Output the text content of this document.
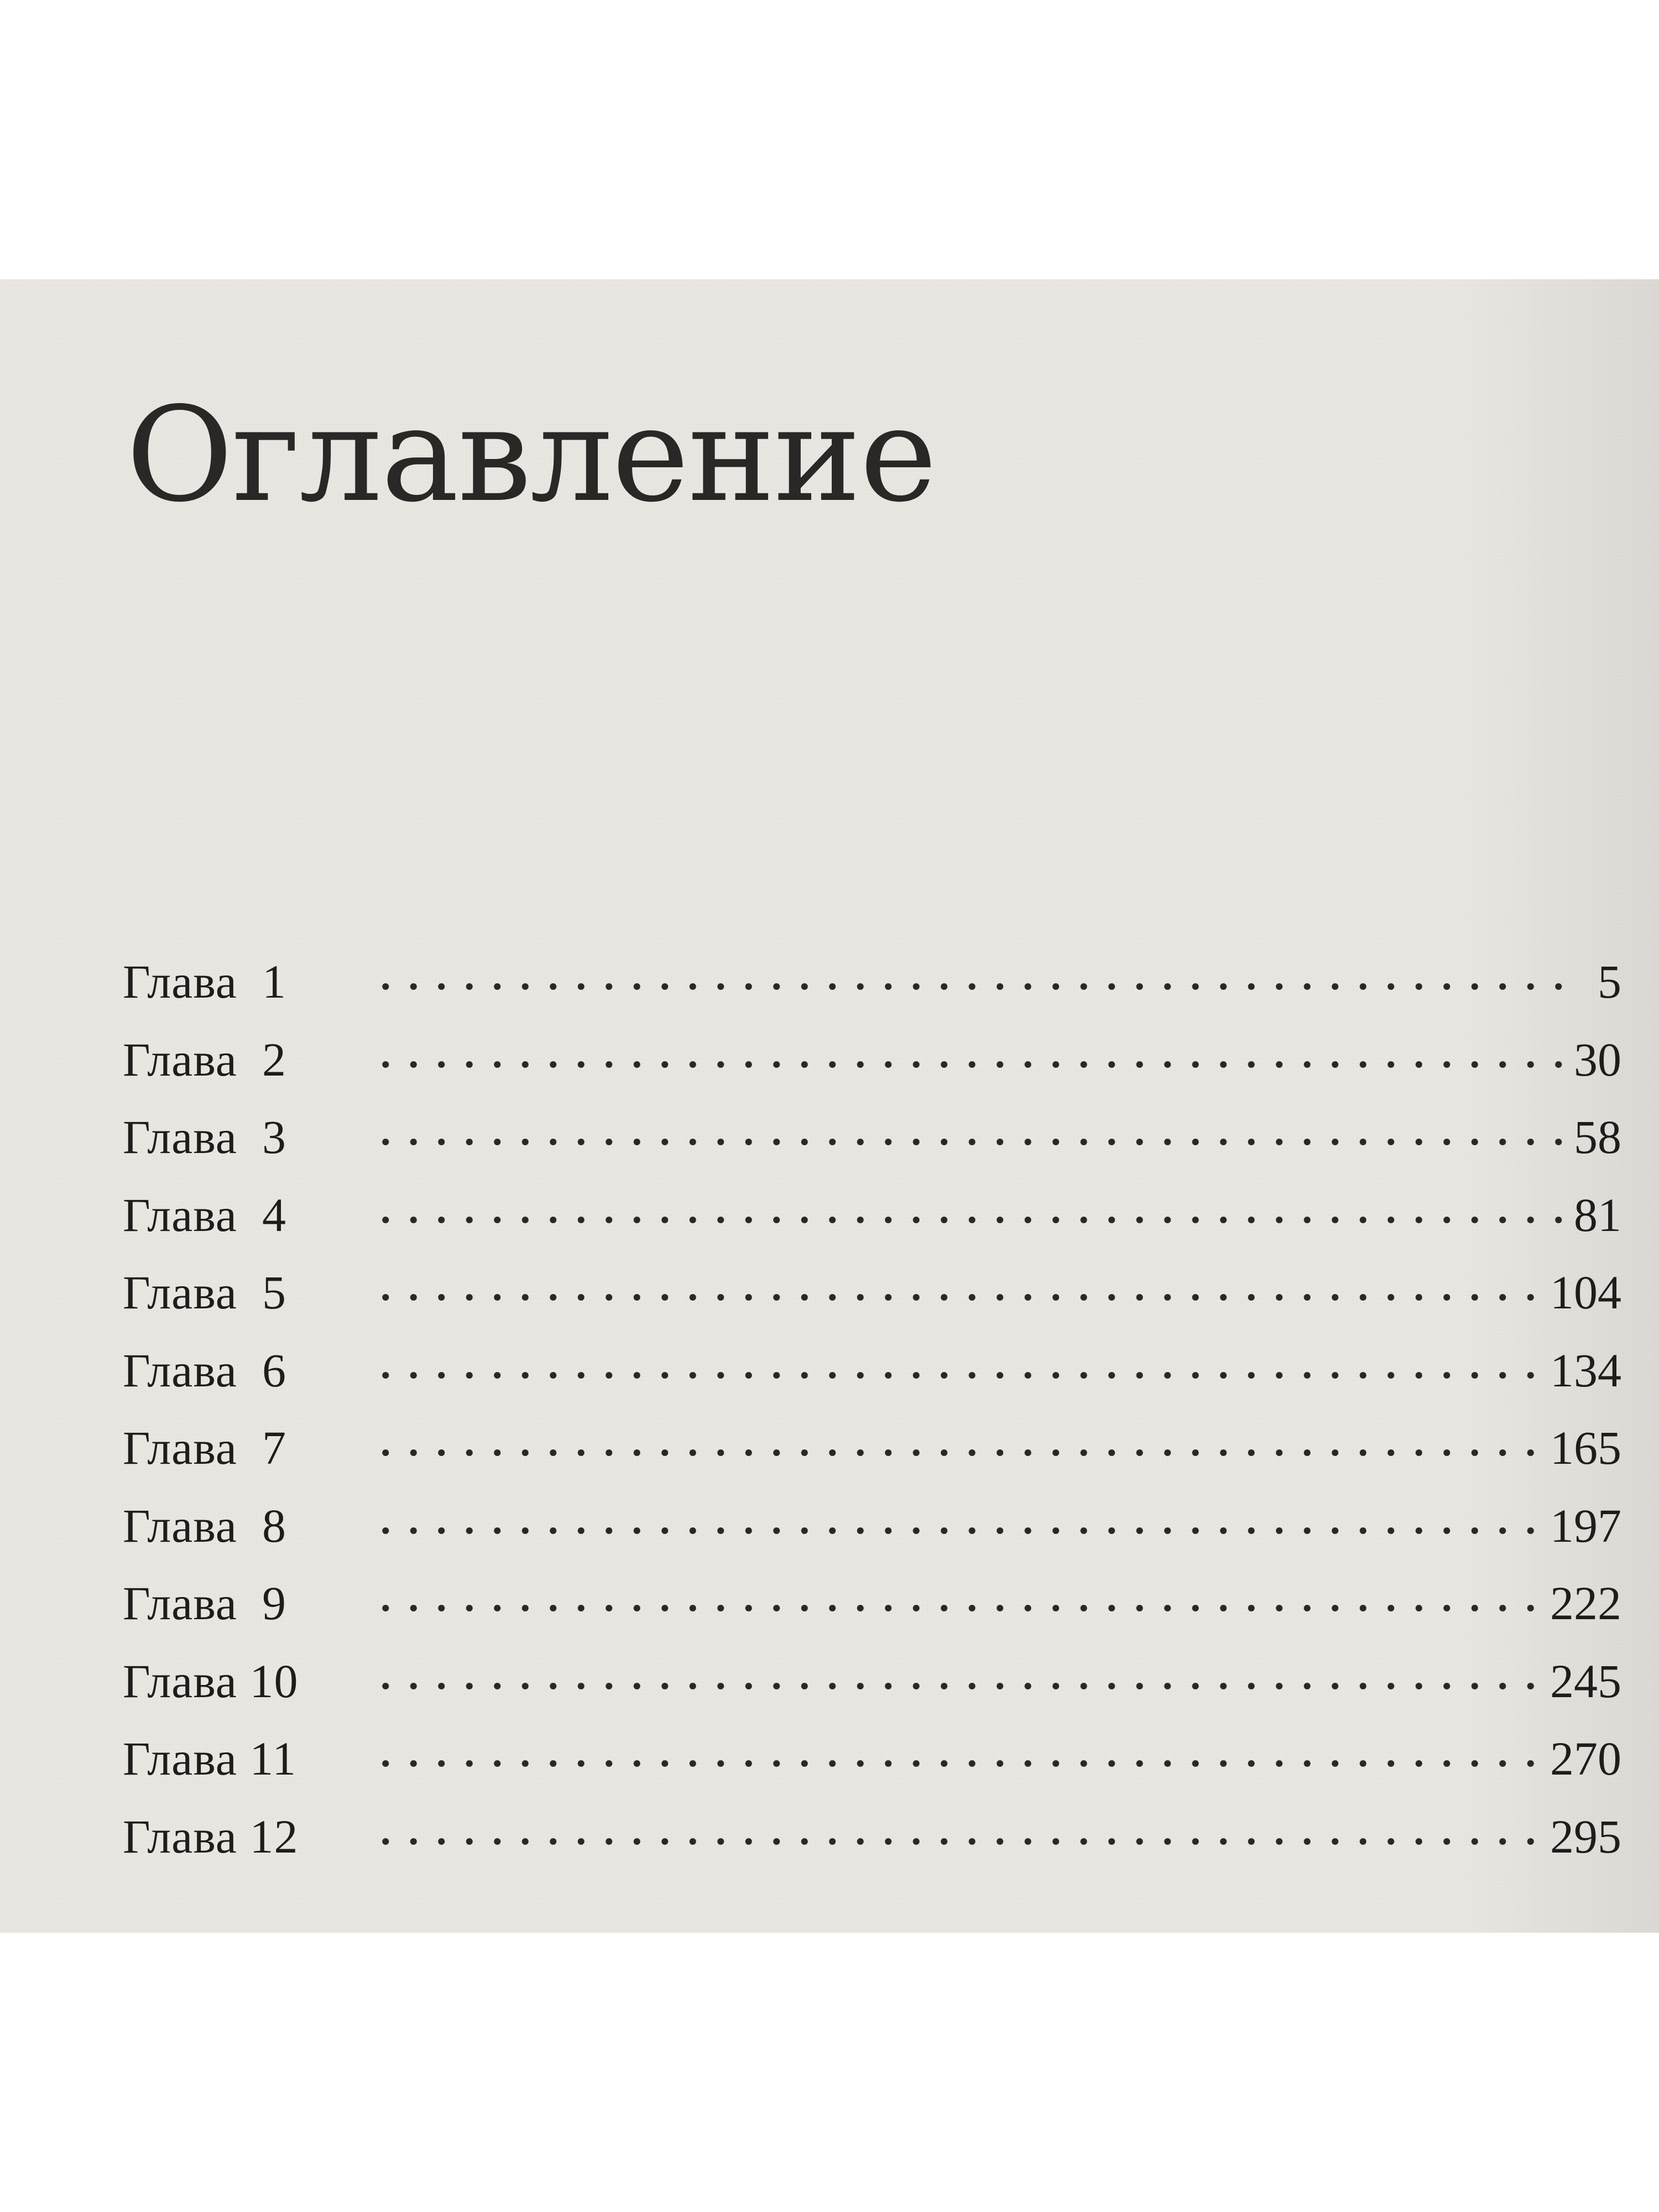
Оглавление
Глава 1	5
Глава 2	30
Глава 3	58
Глава 4	81
Глава 5	104
Глава 6	134
Глава 7	165
Глава 8	197
Глава 9	222
Глава 10	245
Глава 11	270
Глава 12	295
